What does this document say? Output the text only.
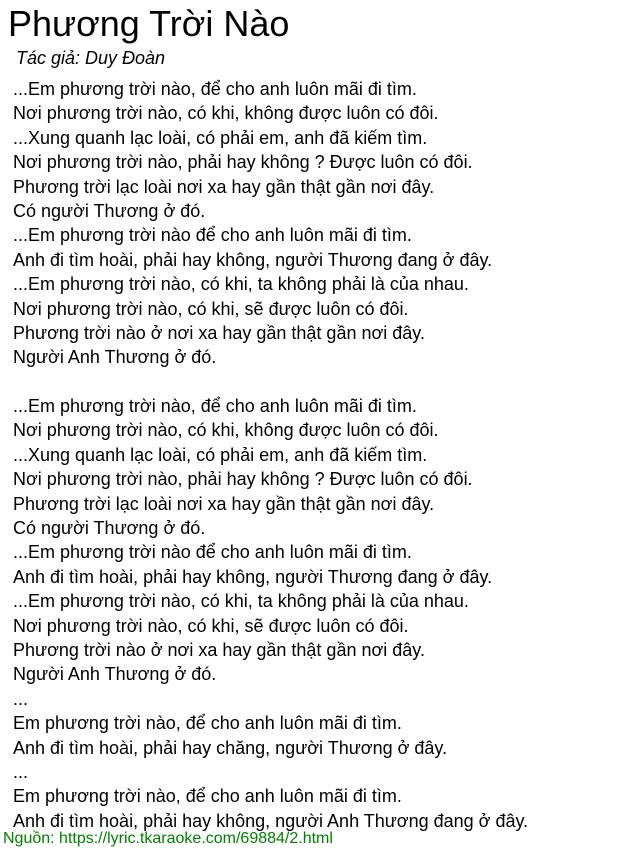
Phương Trời Nào
Tác giả: Duy Đoàn
...Em phương trời nào, để cho anh luôn mãi đi tìm.
Nơi phương trời nào, có khi, không được luôn có đôi.
...Xung quanh lạc loài, có phải em, anh đã kiếm tìm.
Nơi phương trời nào, phải hay không ? Được luôn có đôi.
Phương trời lạc loài nơi xa hay gần thật gần nơi đây.
Có người Thương ở đó.
...Em phương trời nào để cho anh luôn mãi đi tìm.
Anh đi tìm hoài, phải hay không, người Thương đang ở đây.
...Em phương trời nào, có khi, ta không phải là của nhau.
Nơi phương trời nào, có khi, sẽ được luôn có đôi.
Phương trời nào ở nơi xa hay gần thật gần nơi đây.
Người Anh Thương ở đó.
...Em phương trời nào, để cho anh luôn mãi đi tìm.
Nơi phương trời nào, có khi, không được luôn có đôi.
...Xung quanh lạc loài, có phải em, anh đã kiếm tìm.
Nơi phương trời nào, phải hay không ? Được luôn có đôi.
Phương trời lạc loài nơi xa hay gần thật gần nơi đây.
Có người Thương ở đó.
...Em phương trời nào để cho anh luôn mãi đi tìm.
Anh đi tìm hoài, phải hay không, người Thương đang ở đây.
...Em phương trời nào, có khi, ta không phải là của nhau.
Nơi phương trời nào, có khi, sẽ được luôn có đôi.
Phương trời nào ở nơi xa hay gần thật gần nơi đây.
Người Anh Thương ở đó.
...
Em phương trời nào, để cho anh luôn mãi đi tìm.
Anh đi tìm hoài, phải hay chăng, người Thương ở đây.
...
Em phương trời nào, để cho anh luôn mãi đi tìm.
Anh đi tìm hoài, phải hay không, người Anh Thương đang ở đây.
Nguồn: https://lyric.tkaraoke.com/69884/2.html
